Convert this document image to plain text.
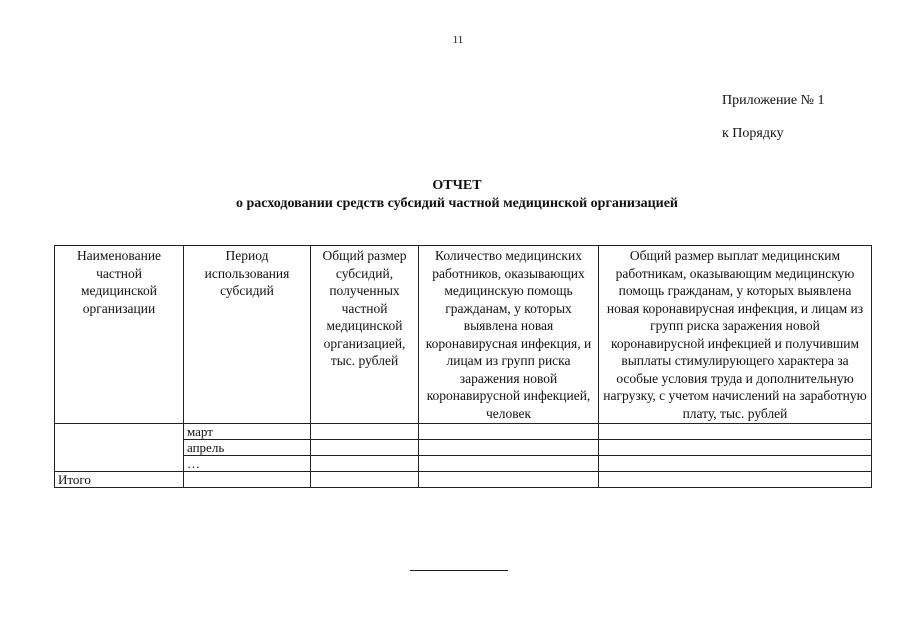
11
Приложение № 1
к Порядку
ОТЧЕТ
о расходовании средств субсидий частной медицинской организацией
Наименование частной медицинской организации	Период использования субсидий	Общий размер субсидий, полученных частной медицинской организацией, тыс. рублей	Количество медицинских работников, оказывающих медицинскую помощь гражданам, у которых выявлена новая коронавирусная инфекция, и лицам из групп риска заражения новой коронавирусной инфекцией, человек	Общий размер выплат медицинским работникам, оказывающим медицинскую помощь гражданам, у которых выявлена новая коронавирусная инфекция, и лицам из групп риска заражения новой коронавирусной инфекцией и получившим выплаты стимулирующего характера за особые условия труда и дополнительную нагрузку, с учетом начислений на заработную плату, тыс. рублей
	март			
	апрель			
	…			
Итого				
